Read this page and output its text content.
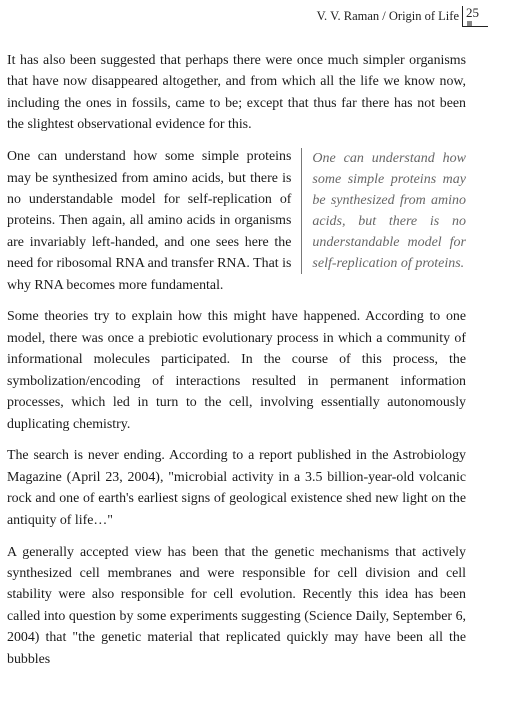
V. V. Raman / Origin of Life 25

It has also been suggested that perhaps there were once much simpler organisms that have now disappeared altogether, and from which all the life we know now, including the ones in fossils, came to be; except that thus far there has not been the slightest observational evidence for this.

One can understand how some simple proteins may be synthesized from amino acids, but there is no understandable model for self-replication of proteins. Then again, all amino acids in organisms are invariably left-handed, and one sees here the need for ribosomal RNA and transfer RNA. That is why RNA becomes more fundamental.

One can understand how some simple proteins may be synthesized from amino acids, but there is no understandable model for self-replication of proteins.

Some theories try to explain how this might have happened. According to one model, there was once a prebiotic evolutionary process in which a community of informational molecules participated. In the course of this process, the symbolization/encoding of interactions resulted in permanent information processes, which led in turn to the cell, involving essentially autonomously duplicating chemistry.

The search is never ending. According to a report published in the Astrobiology Magazine (April 23, 2004), "microbial activity in a 3.5 billion-year-old volcanic rock and one of earth's earliest signs of geological existence shed new light on the antiquity of life…"

A generally accepted view has been that the genetic mechanisms that actively synthesized cell membranes and were responsible for cell division and cell stability were also responsible for cell evolution. Recently this idea has been called into question by some experiments suggesting (Science Daily, September 6, 2004) that "the genetic material that replicated quickly may have been all the bubbles
